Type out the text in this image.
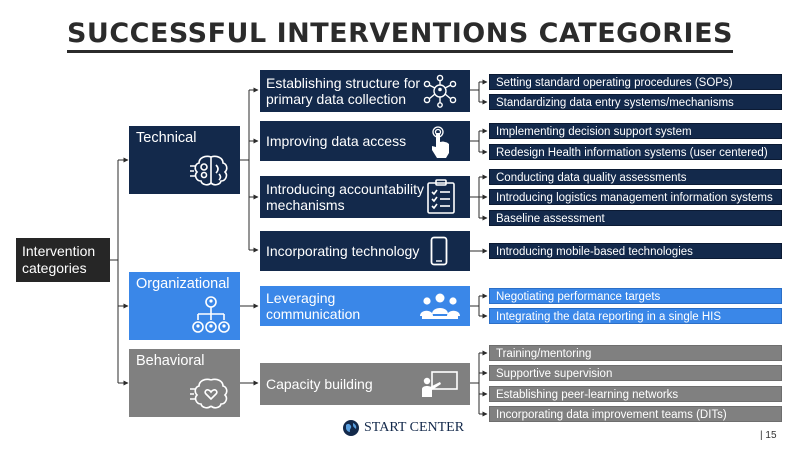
SUCCESSFUL INTERVENTIONS CATEGORIES
Intervention
categories
Technical
Organizational
Behavioral
Establishing structure for
primary data collection
Improving data access
Introducing accountability
mechanisms
Incorporating technology
Leveraging
communication
Capacity building
Setting standard operating procedures (SOPs)
Standardizing data entry systems/mechanisms
Implementing decision support system
Redesign Health information systems (user centered)
Conducting data quality assessments
Introducing logistics management information systems
Baseline assessment
Introducing mobile-based technologies
Negotiating performance targets
Integrating the data reporting in a single HIS
Training/mentoring
Supportive supervision
Establishing peer-learning networks
Incorporating data improvement teams (DITs)
START CENTER
| 15
